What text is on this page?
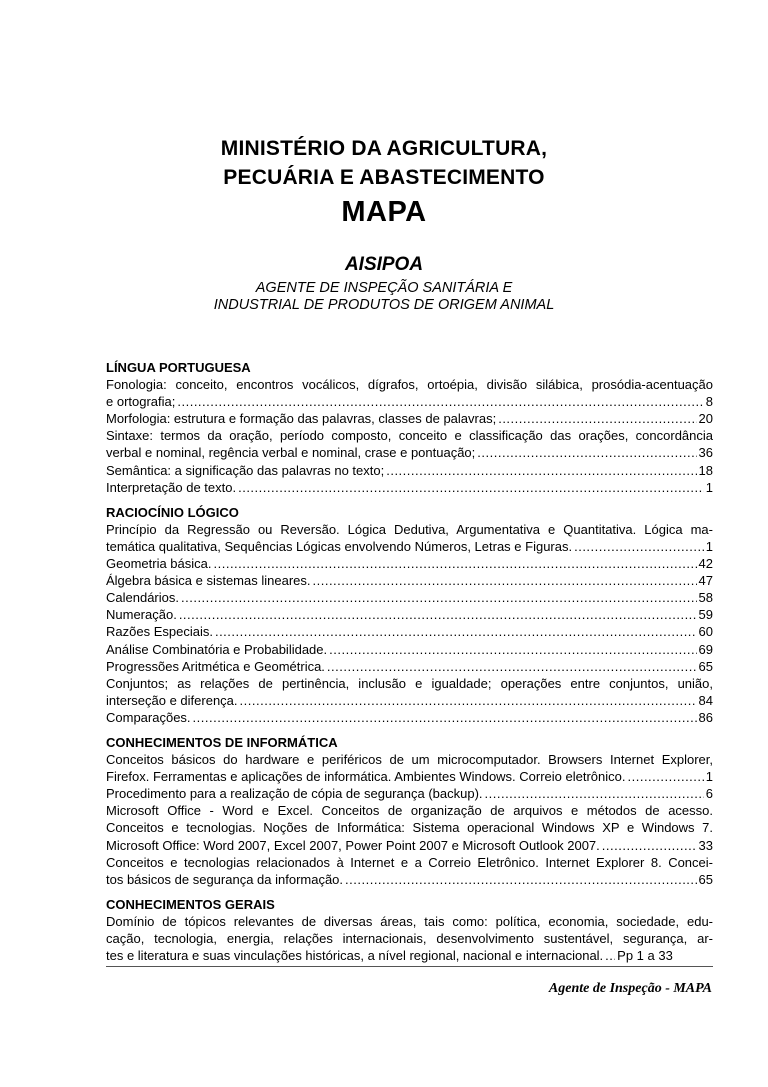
MINISTÉRIO DA AGRICULTURA,
PECUÁRIA E ABASTECIMENTO
MAPA
AISIPOA
AGENTE DE INSPEÇÃO SANITÁRIA E
INDUSTRIAL DE PRODUTOS DE ORIGEM ANIMAL
LÍNGUA PORTUGUESA
Fonologia: conceito, encontros vocálicos, dígrafos, ortoépia, divisão silábica, prosódia-acentuação
e ortografia; .....	8
Morfologia: estrutura e formação das palavras, classes de palavras; .....	20
Sintaxe: termos da oração, período composto, conceito e classificação das orações, concordância
verbal e nominal, regência verbal e nominal, crase e pontuação; .....	36
Semântica: a significação das palavras no texto; .....	18
Interpretação de texto. .....	1
RACIOCÍNIO LÓGICO
Princípio da Regressão ou Reversão. Lógica Dedutiva, Argumentativa e Quantitativa. Lógica ma-
temática qualitativa, Sequências Lógicas envolvendo Números, Letras e Figuras. .....	1
Geometria básica. .....	42
Álgebra básica e sistemas lineares. .....	47
Calendários. .....	58
Numeração. .....	59
Razões Especiais. .....	60
Análise Combinatória e Probabilidade. .....	69
Progressões Aritmética e Geométrica. .....	65
Conjuntos; as relações de pertinência, inclusão e igualdade; operações entre conjuntos, união,
interseção e diferença. .....	84
Comparações. .....	86
CONHECIMENTOS DE INFORMÁTICA
Conceitos básicos do hardware e periféricos de um microcomputador. Browsers Internet Explorer,
Firefox. Ferramentas e aplicações de informática. Ambientes Windows. Correio eletrônico. .....	1
Procedimento para a realização de cópia de segurança (backup). .....	6
Microsoft Office - Word e Excel. Conceitos de organização de arquivos e métodos de acesso.
Conceitos e tecnologias. Noções de Informática: Sistema operacional Windows XP e Windows 7.
Microsoft Office: Word 2007, Excel 2007, Power Point 2007 e Microsoft Outlook 2007. .....	33
Conceitos e tecnologias relacionados à Internet e a Correio Eletrônico. Internet Explorer 8. Concei-
tos básicos de segurança da informação. .....	65
CONHECIMENTOS GERAIS
Domínio de tópicos relevantes de diversas áreas, tais como: política, economia, sociedade, edu-
cação, tecnologia, energia, relações internacionais, desenvolvimento sustentável, segurança, ar-
tes e literatura e suas vinculações históricas, a nível regional, nacional e internacional. ..... Pp 1 a 33
Agente de Inspeção - MAPA
